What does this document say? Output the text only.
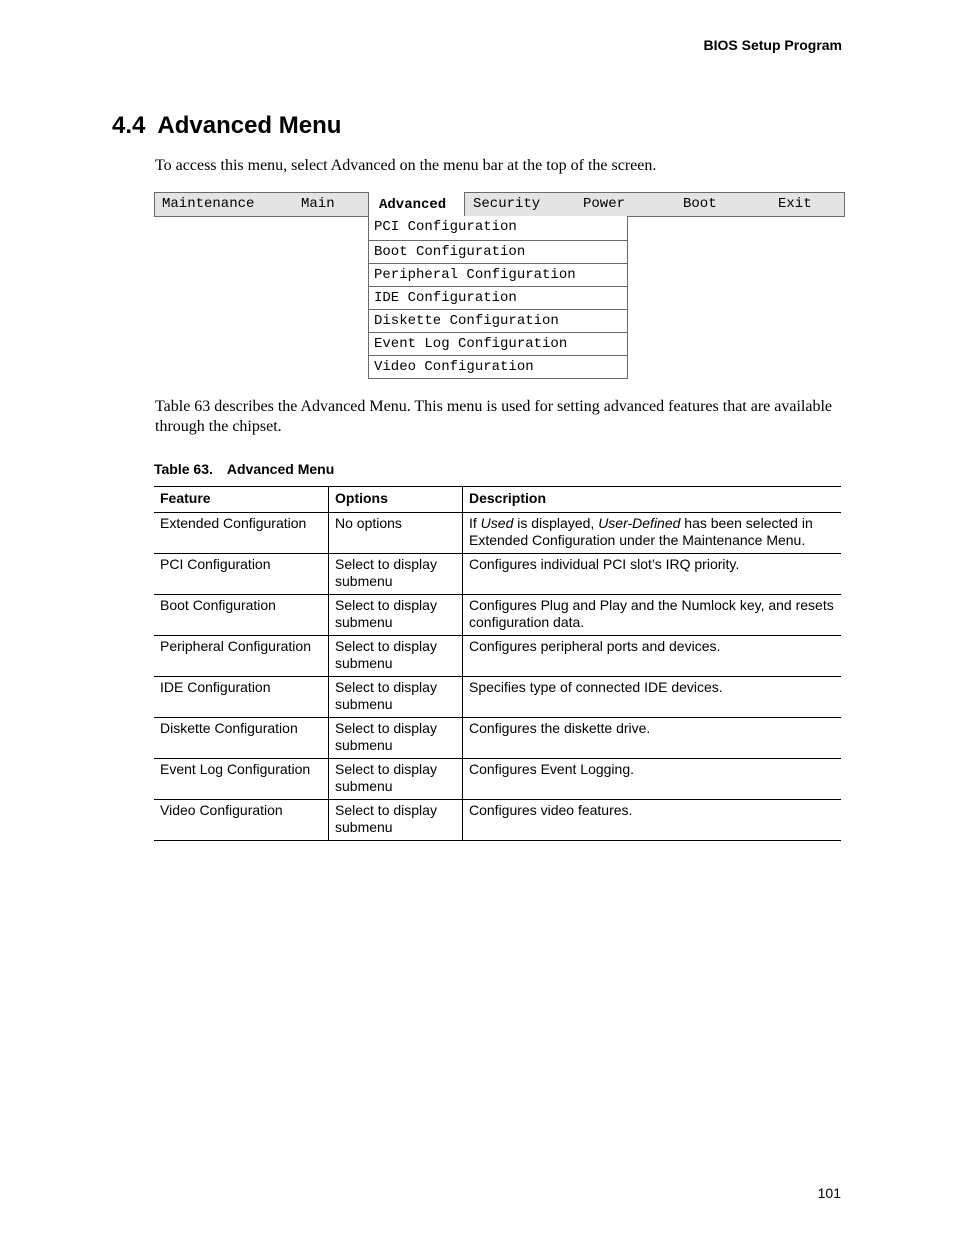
BIOS Setup Program
4.4 Advanced Menu

To access this menu, select Advanced on the menu bar at the top of the screen.

Maintenance	Main	Advanced	Security	Power	Boot	Exit
PCI Configuration
Boot Configuration
Peripheral Configuration
IDE Configuration
Diskette Configuration
Event Log Configuration
Video Configuration

Table 63 describes the Advanced Menu. This menu is used for setting advanced features that are available through the chipset.

Table 63. Advanced Menu

Feature	Options	Description
Extended Configuration	No options	If Used is displayed, User-Defined has been selected in Extended Configuration under the Maintenance Menu.
PCI Configuration	Select to display submenu	Configures individual PCI slot’s IRQ priority.
Boot Configuration	Select to display submenu	Configures Plug and Play and the Numlock key, and resets configuration data.
Peripheral Configuration	Select to display submenu	Configures peripheral ports and devices.
IDE Configuration	Select to display submenu	Specifies type of connected IDE devices.
Diskette Configuration	Select to display submenu	Configures the diskette drive.
Event Log Configuration	Select to display submenu	Configures Event Logging.
Video Configuration	Select to display submenu	Configures video features.
101
